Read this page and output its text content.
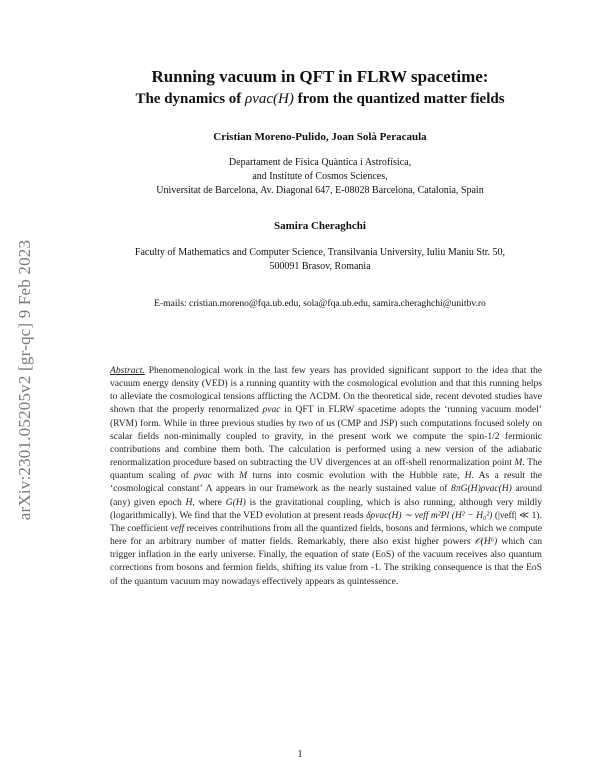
arXiv:2301.05205v2 [gr-qc] 9 Feb 2023
Running vacuum in QFT in FLRW spacetime:
The dynamics of ρvac(H) from the quantized matter fields
Cristian Moreno-Pulido, Joan Solà Peracaula
Departament de Física Quàntica i Astrofísica,
and Institute of Cosmos Sciences,
Universitat de Barcelona, Av. Diagonal 647, E-08028 Barcelona, Catalonia, Spain
Samira Cheraghchi
Faculty of Mathematics and Computer Science, Transilvania University, Iuliu Maniu Str. 50,
500091 Brasov, Romania
E-mails: cristian.moreno@fqa.ub.edu, sola@fqa.ub.edu, samira.cheraghchi@unitbv.ro
Abstract. Phenomenological work in the last few years has provided significant support to the idea that the vacuum energy density (VED) is a running quantity with the cosmological evolution and that this running helps to alleviate the cosmological tensions afflicting the ΛCDM. On the theoretical side, recent devoted studies have shown that the properly renormalized ρvac in QFT in FLRW spacetime adopts the ‘running vacuum model’ (RVM) form. While in three previous studies by two of us (CMP and JSP) such computations focused solely on scalar fields non-minimally coupled to gravity, in the present work we compute the spin-1/2 fermionic contributions and combine them both. The calculation is performed using a new version of the adiabatic renormalization procedure based on subtracting the UV divergences at an off-shell renormalization point M. The quantum scaling of ρvac with M turns into cosmic evolution with the Hubble rate, H. As a result the ‘cosmological constant’ Λ appears in our framework as the nearly sustained value of 8πG(H)ρvac(H) around (any) given epoch H, where G(H) is the gravitational coupling, which is also running, although very mildly (logarithmically). We find that the VED evolution at present reads δρvac(H) ∼ νeff m²Pl (H² − H₀²) (|νeff| ≪ 1). The coefficient νeff receives contributions from all the quantized fields, bosons and fermions, which we compute here for an arbitrary number of matter fields. Remarkably, there also exist higher powers 𝒪(H⁶) which can trigger inflation in the early universe. Finally, the equation of state (EoS) of the vacuum receives also quantum corrections from bosons and fermion fields, shifting its value from -1. The striking consequence is that the EoS of the quantum vacuum may nowadays effectively appears as quintessence.
1
